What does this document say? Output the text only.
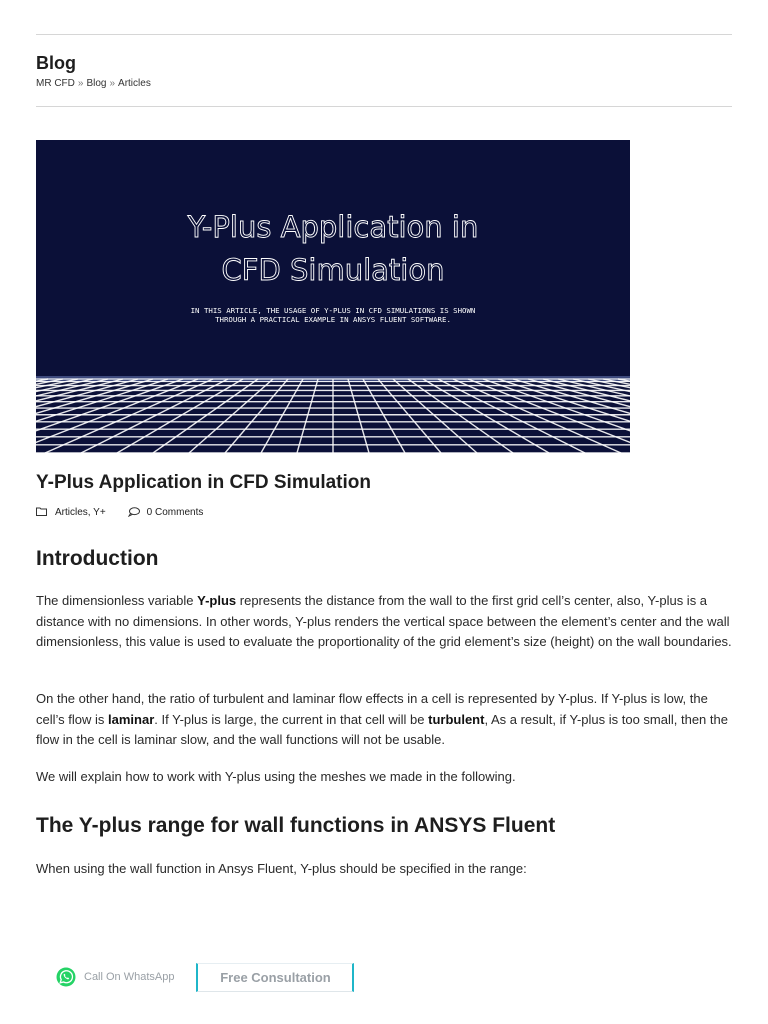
Blog
MR CFD » Blog » Articles
Y-Plus Application in
CFD Simulation
IN THIS ARTICLE, THE USAGE OF Y-PLUS IN CFD SIMULATIONS IS SHOWN
THROUGH A PRACTICAL EXAMPLE IN ANSYS FLUENT SOFTWARE.
Y-Plus Application in CFD Simulation
Articles, Y+	0 Comments
Introduction

The dimensionless variable Y-plus represents the distance from the wall to the first grid cell’s center, also, Y-plus is a distance with no dimensions. In other words, Y-plus renders the vertical space between the element’s center and the wall dimensionless, this value is used to evaluate the proportionality of the grid element’s size (height) on the wall boundaries.

On the other hand, the ratio of turbulent and laminar flow effects in a cell is represented by Y-plus. If Y-plus is low, the cell’s flow is laminar. If Y-plus is large, the current in that cell will be turbulent, As a result, if Y-plus is too small, then the flow in the cell is laminar slow, and the wall functions will not be usable.

We will explain how to work with Y-plus using the meshes we made in the following.

The Y-plus range for wall functions in ANSYS Fluent

When using the wall function in Ansys Fluent, Y-plus should be specified in the range:

Call On WhatsApp	Free Consultation
